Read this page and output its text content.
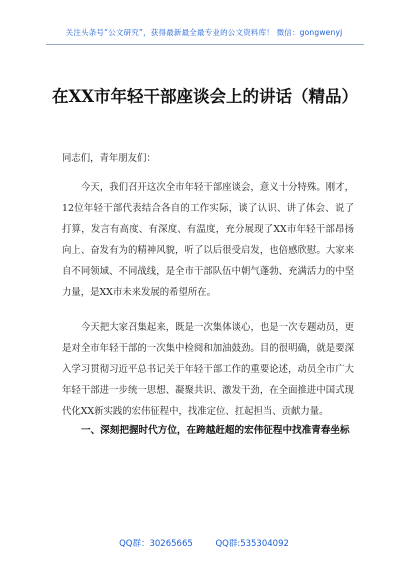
关注头条号“公文研究”，获得最新最全最专业的公文资料库！ 微信：gongwenyj
在XX市年轻干部座谈会上的讲话（精品）
同志们，青年朋友们：

今天，我们召开这次全市年轻干部座谈会，意义十分特殊。刚才，12位年轻干部代表结合各自的工作实际，谈了认识、讲了体会、说了打算，发言有高度、有深度、有温度，充分展现了XX市年轻干部昂扬向上、奋发有为的精神风貌，听了以后很受启发，也倍感欣慰。大家来自不同领域、不同战线，是全市干部队伍中朝气蓬勃、充满活力的中坚力量，是XX市未来发展的希望所在。

今天把大家召集起来，既是一次集体谈心，也是一次专题动员，更是对全市年轻干部的一次集中检阅和加油鼓劲。目的很明确，就是要深入学习贯彻习近平总书记关于年轻干部工作的重要论述，动员全市广大年轻干部进一步统一思想、凝聚共识、激发干劲，在全面推进中国式现代化XX新实践的宏伟征程中，找准定位、扛起担当、贡献力量。

一、深刻把握时代方位，在跨越赶超的宏伟征程中找准青春坐标
QQ群：30265665	QQ群:535304092
